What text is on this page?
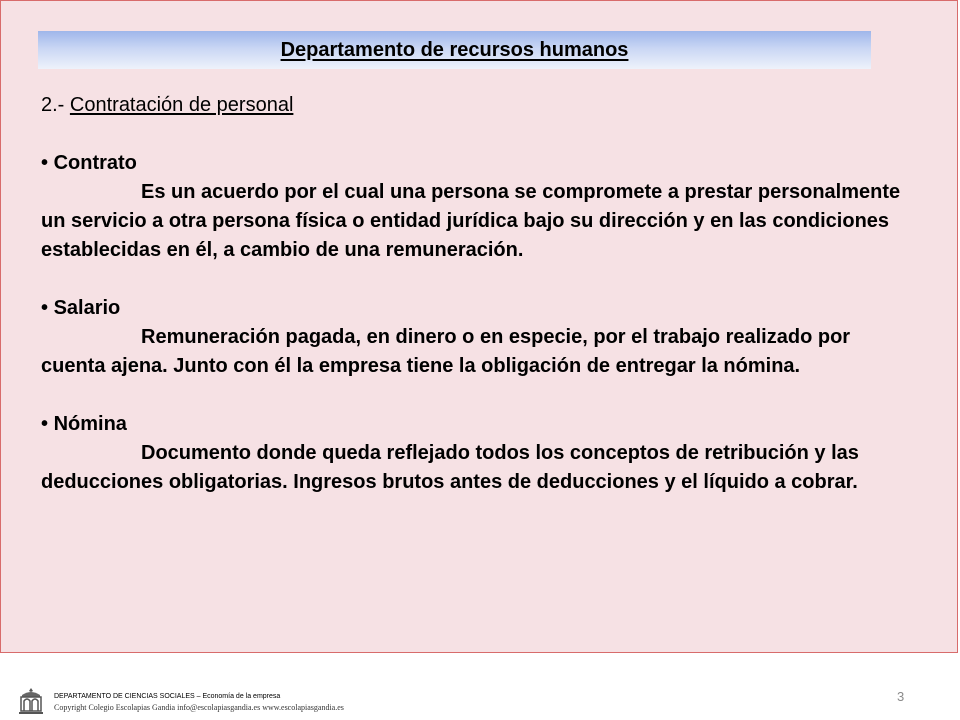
Departamento de recursos humanos
2.- Contratación de personal
• Contrato
Es un acuerdo por el cual una persona se compromete a prestar personalmente un servicio a otra persona física o entidad jurídica bajo su dirección y en las condiciones establecidas en él, a cambio de una remuneración.
• Salario
Remuneración pagada, en dinero o en especie, por el trabajo realizado por cuenta ajena. Junto con él la empresa tiene la obligación de entregar la nómina.
• Nómina
Documento donde queda reflejado todos los conceptos de retribución y las deducciones obligatorias. Ingresos brutos antes de deducciones y el líquido a cobrar.
DEPARTAMENTO DE CIENCIAS SOCIALES – Economía de la empresa
Copyright Colegio Escolapias Gandia info@escolapiasgandia.es www.escolapiasgandia.es
3
